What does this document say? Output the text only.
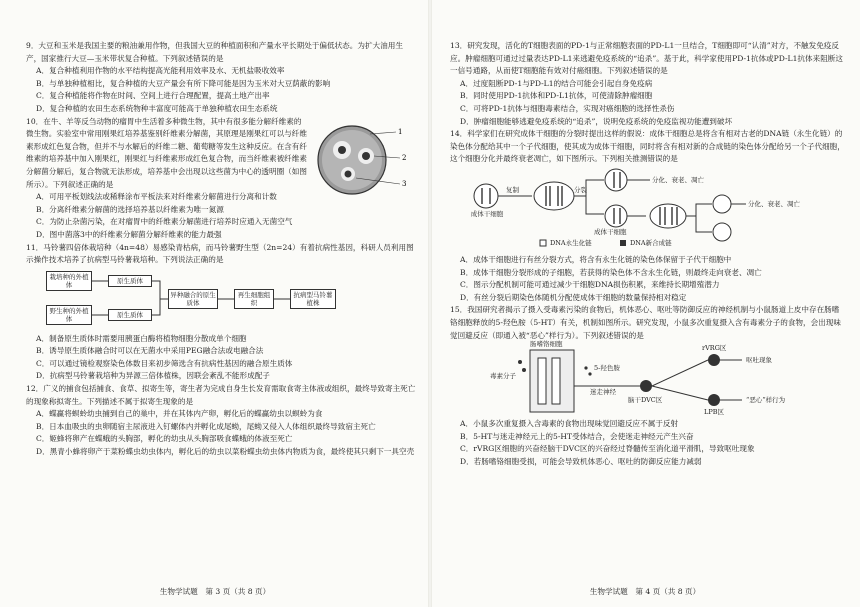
9．大豆和玉米是我国主要的粮油兼用作物，但我国大豆的种植面积和产量水平长期处于偏低状态。为扩大油用生产，国家推行大豆—玉米带状复合种植。下列叙述错误的是

A．复合种植利用作物的水平结构提高光能利用效率及水、无机盐吸收效率

B．与单独种植相比，复合种植的大豆产量会有所下降可能是因为玉米对大豆荫蔽的影响

C．复合种植能将作物在时间、空间上进行合理配置，提高土地产出率

D．复合种植的农田生态系统物种丰富度可能高于单独种植农田生态系统

10．在牛、羊等反刍动物的瘤胃中生活着多种微生物，其中有很多能分解纤维素的微生物。实验室中常用刚果红培养基鉴别纤维素分解菌，其原理是刚果红可以与纤维素形成红色复合物，但并不与水解后的纤维二糖、葡萄糖等发生这种反应。在含有纤维素的培养基中加入刚果红，刚果红与纤维素形成红色复合物，而当纤维素被纤维素分解菌分解后，复合物就无法形成，培养基中会出现以这些菌为中心的透明圈（如图所示）。下列叙述正确的是

1
2
3

A．可用平板划线法或稀释涂布平板法来对纤维素分解菌进行分离和计数

B．分离纤维素分解菌的选择培养基以纤维素为唯一氮源

C．为防止杂菌污染，在对瘤胃中的纤维素分解菌进行培养时应通入无菌空气

D．图中菌落3中的纤维素分解菌分解纤维素的能力最强

11．马铃薯四倍体栽培种（4n=48）易感染青枯病，而马铃薯野生型（2n=24）有着抗病性基因，科研人员利用图示操作技术培养了抗病型马铃薯栽培种。下列说法正确的是

栽培种的外植体	原生质体
野生种的外植体	原生质体
异种融合的原生质体
再生细胞组织
抗病型马铃薯植株

A．制备原生质体时需要用胰蛋白酶将植物细胞分散成单个细胞

B．诱导原生质体融合时可以在无菌水中采用PEG融合法或电融合法

C．可以通过镜检观察染色体数目来初步筛选含有抗病性基因的融合原生质体

D．抗病型马铃薯栽培种为异源三倍体植株，因联会紊乱不能形成配子

12．广义的捕食包括捕食、食草、拟寄生等，寄生者为完成自身生长发育需取食寄主体液或组织，最终导致寄主死亡的现象称拟寄生。下列描述不属于拟寄生现象的是

A．蝶赢将螟蛉幼虫捕到自己的巢中，并在其体内产卵，孵化后的蝶赢幼虫以螟蛉为食

B．日本血吸虫的虫卵随宿主尿液进入钉螺体内并孵化成尾蚴，尾蚴又侵入人体组织最终导致宿主死亡

C．姬蜂将卵产在蝶蛾的头胸部，孵化的幼虫从头胸部吸食蝶蛾的体液至死亡

D．黑青小蜂将卵产于菜粉蝶虫幼虫体内，孵化后的幼虫以菜粉蝶虫幼虫体内物质为食，最终使其只剩下一具空壳

生物学试题　第 3 页（共 8 页）

13．研究发现，活化的T细胞表面的PD-1与正常细胞表面的PD-L1一旦结合，T细胞即可“认清”对方，不触发免疫反应。肿瘤细胞可通过过量表达PD-L1来逃避免疫系统的“追杀”。基于此，科学家使用PD-1抗体或PD-L1抗体来阻断这一信号通路，从而使T细胞能有效对付癌细胞。下列叙述错误的是

A．过度阻断PD-1与PD-L1的结合可能会引起自身免疫病

B．同时使用PD-1抗体和PD-L1抗体，可使清除肿瘤细胞

C．可将PD-1抗体与细胞毒素结合，实现对癌细胞的选择性杀伤

D．肿瘤细胞能够逃避免疫系统的“追杀”，说明免疫系统的免疫监视功能遭到破坏

14．科学家们在研究成体干细胞的分裂时提出这样的假说：成体干细胞总是将含有相对古老的DNA链（永生化链）的染色体分配给其中一个子代细胞，使其成为成体干细胞，同时将含有相对新的合成链的染色体分配给另一个子代细胞，这个细胞分化并最终衰老凋亡，如下图所示。下列相关推测错误的是

成体干细胞
复制	分裂
分化、衰老、凋亡
分化、衰老、凋亡
成体干细胞
DNA永生化链	DNA新合成链

A．成体干细胞进行有丝分裂方式，将含有永生化链的染色体保留于子代干细胞中

B．成体干细胞分裂形成的子细胞，若获得的染色体不含永生化链，则最终走向衰老、凋亡

C．图示分配机制可能可通过减少干细胞DNA损伤积累，来维持长期增殖潜力

D．有丝分裂后期染色体随机分配使成体干细胞的数量保持相对稳定

15．我国研究者揭示了摄入受毒素污染的食物后，机体恶心、呕吐等防御反应的神经机制与小鼠肠道上皮中存在肠嗜铬细胞释放的5-羟色胺（5-HT）有关，机制如图所示。研究发现，小鼠多次重复摄入含有毒素分子的食物，会出现味觉回避反应（即通入被“恶心”样行为）。下列叙述错误的是

肠嗜铬细胞
毒素分子
5-羟色胺
迷走神经
脑干DVC区
rVRG区
LPB区
呕吐现象
“恶心”样行为

A．小鼠多次重复摄入含毒素的食物出现味觉回避反应不属于反射

B．5-HT与迷走神经元上的5-HT受体结合，会使迷走神经元产生兴奋

C．rVRG区细胞的兴奋经脑干DVC区的兴奋经过脊髓传至消化道平滑肌，导致呕吐现象

D．若肠嗜铬细胞受损，可能会导致机体恶心、呕吐的防御反应能力减弱

生物学试题　第 4 页（共 8 页）
